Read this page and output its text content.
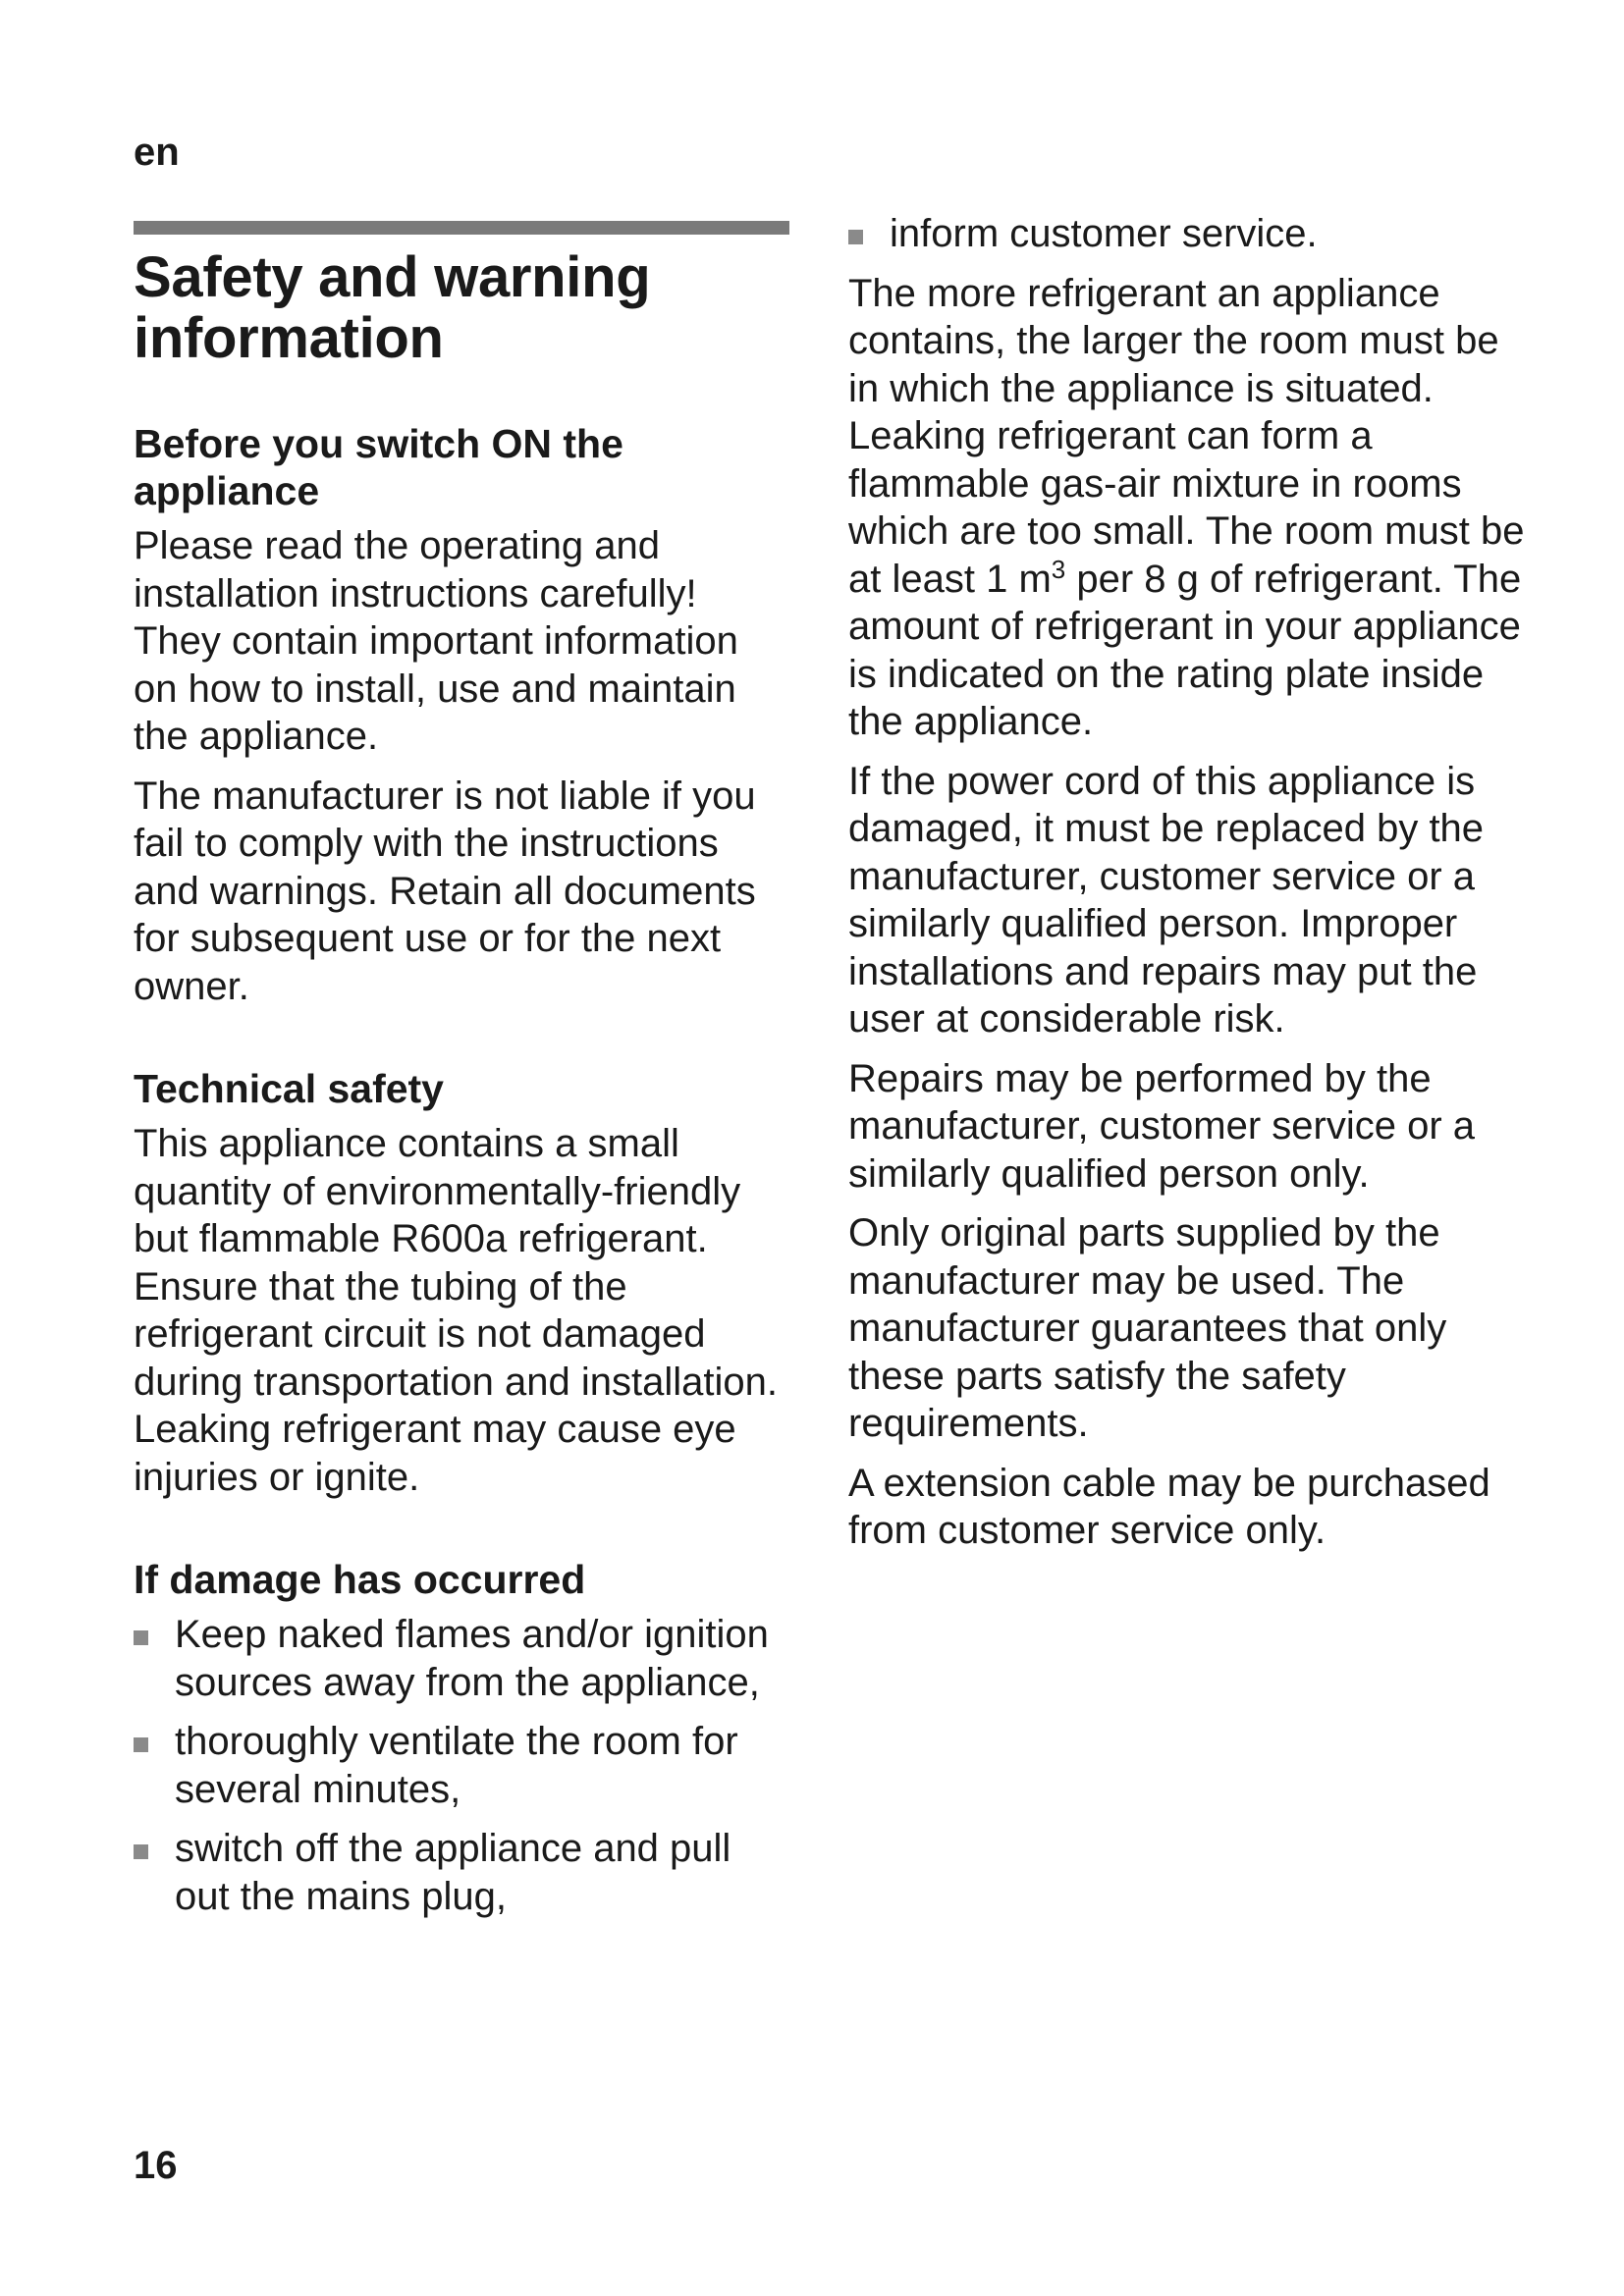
en
Safety and warning information
Before you switch ON the appliance

Please read the operating and installation instructions carefully! They contain important information on how to install, use and maintain the appliance.

The manufacturer is not liable if you fail to comply with the instructions and warnings. Retain all documents for subsequent use or for the next owner.

Technical safety

This appliance contains a small quantity of environmentally-friendly but flammable R600a refrigerant. Ensure that the tubing of the refrigerant circuit is not damaged during transportation and installation. Leaking refrigerant may cause eye injuries or ignite.

If damage has occurred
Keep naked flames and/or ignition sources away from the appliance,
thoroughly ventilate the room for several minutes,
switch off the appliance and pull out the mains plug,
inform customer service.

The more refrigerant an appliance contains, the larger the room must be in which the appliance is situated. Leaking refrigerant can form a flammable gas-air mixture in rooms which are too small. The room must be at least 1 $m^3$ per 8 g of refrigerant. The amount of refrigerant in your appliance is indicated on the rating plate inside the appliance.

If the power cord of this appliance is damaged, it must be replaced by the manufacturer, customer service or a similarly qualified person. Improper installations and repairs may put the user at considerable risk.

Repairs may be performed by the manufacturer, customer service or a similarly qualified person only.

Only original parts supplied by the manufacturer may be used. The manufacturer guarantees that only these parts satisfy the safety requirements.

A extension cable may be purchased from customer service only.

16
